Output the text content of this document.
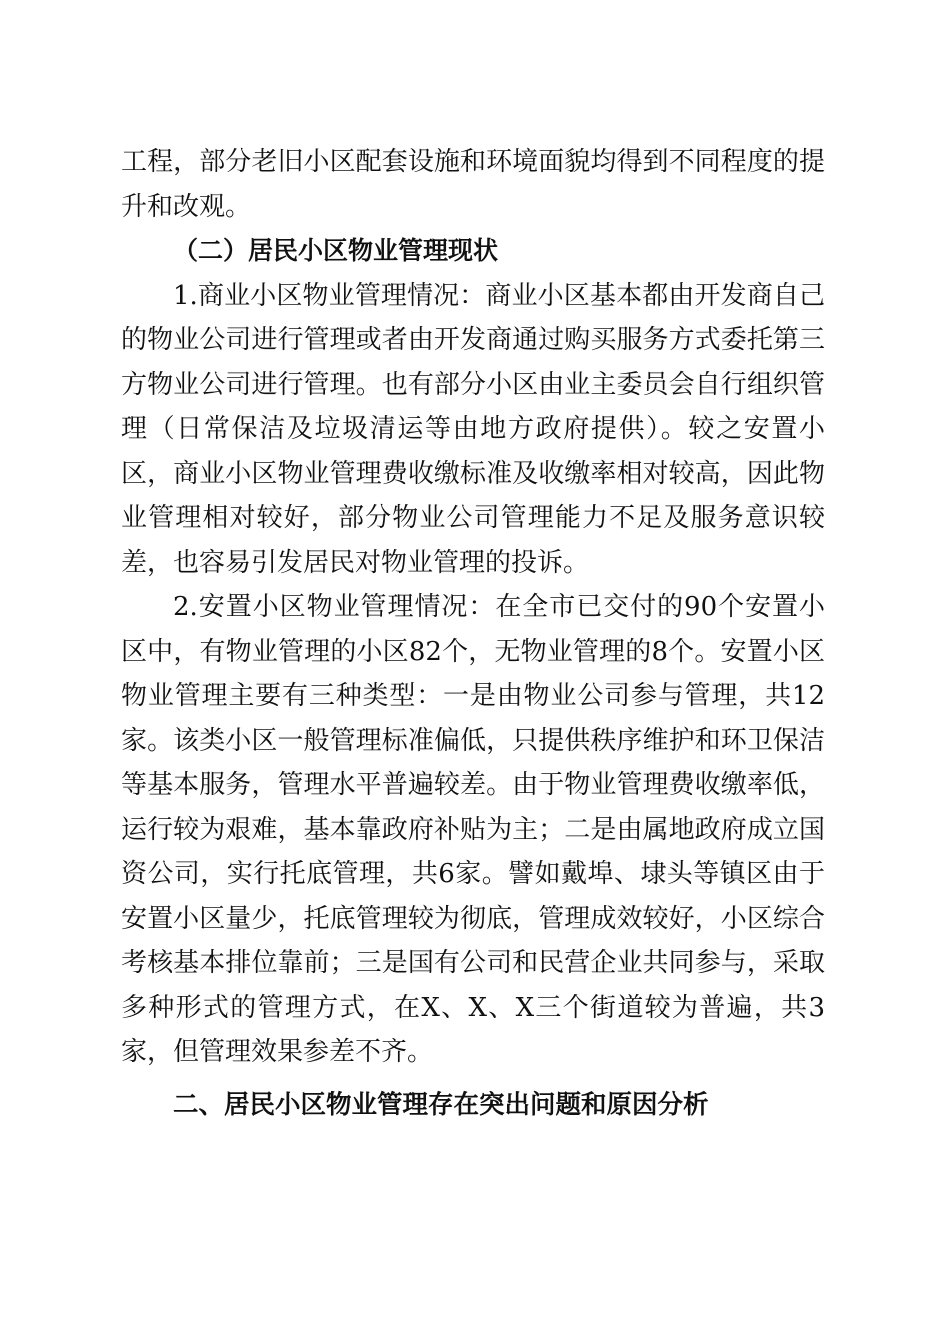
工程，部分老旧小区配套设施和环境面貌均得到不同程度的提升和改观。

（二）居民小区物业管理现状

1.商业小区物业管理情况：商业小区基本都由开发商自己的物业公司进行管理或者由开发商通过购买服务方式委托第三方物业公司进行管理。也有部分小区由业主委员会自行组织管理（日常保洁及垃圾清运等由地方政府提供）。较之安置小区，商业小区物业管理费收缴标准及收缴率相对较高，因此物业管理相对较好，部分物业公司管理能力不足及服务意识较差，也容易引发居民对物业管理的投诉。

2.安置小区物业管理情况：在全市已交付的90个安置小区中，有物业管理的小区82个，无物业管理的8个。安置小区物业管理主要有三种类型：一是由物业公司参与管理，共12家。该类小区一般管理标准偏低，只提供秩序维护和环卫保洁等基本服务，管理水平普遍较差。由于物业管理费收缴率低，运行较为艰难，基本靠政府补贴为主；二是由属地政府成立国资公司，实行托底管理，共6家。譬如戴埠、埭头等镇区由于安置小区量少，托底管理较为彻底，管理成效较好，小区综合考核基本排位靠前；三是国有公司和民营企业共同参与，采取多种形式的管理方式，在X、X、X三个街道较为普遍，共3家，但管理效果参差不齐。

二、居民小区物业管理存在突出问题和原因分析
